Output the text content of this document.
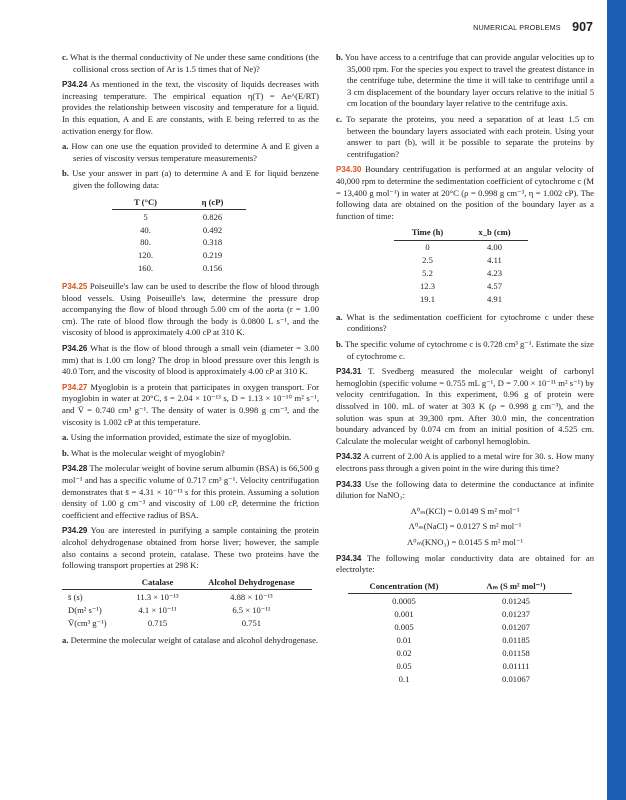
NUMERICAL PROBLEMS 907

c. What is the thermal conductivity of Ne under these same conditions (the collisional cross section of Ar is 1.5 times that of Ne)?

P34.24 As mentioned in the text, the viscosity of liquids decreases with increasing temperature. The empirical equation η(T) = Ae^(E/RT) provides the relationship between viscosity and temperature for a liquid. In this equation, A and E are constants, with E being referred to as the activation energy for flow.

a. How can one use the equation provided to determine A and E given a series of viscosity versus temperature measurements?

b. Use your answer in part (a) to determine A and E for liquid benzene given the following data:

T (°C)	η (cP)
5	0.826
40.	0.492
80.	0.318
120.	0.219
160.	0.156

P34.25 Poiseuille's law can be used to describe the flow of blood through blood vessels. Using Poiseuille's law, determine the pressure drop accompanying the flow of blood through 5.00 cm of the aorta (r = 1.00 cm). The rate of blood flow through the body is 0.0800 L s⁻¹, and the viscosity of blood is approximately 4.00 cP at 310 K.

P34.26 What is the flow of blood through a small vein (diameter = 3.00 mm) that is 1.00 cm long? The drop in blood pressure over this length is 40.0 Torr, and the viscosity of blood is approximately 4.00 cP at 310 K.

P34.27 Myoglobin is a protein that participates in oxygen transport. For myoglobin in water at 20°C, s̄ = 2.04 × 10⁻¹³ s, D = 1.13 × 10⁻¹⁰ m² s⁻¹, and V̄ = 0.740 cm³ g⁻¹. The density of water is 0.998 g cm⁻³, and the viscosity is 1.002 cP at this temperature.

a. Using the information provided, estimate the size of myoglobin.

b. What is the molecular weight of myoglobin?

P34.28 The molecular weight of bovine serum albumin (BSA) is 66,500 g mol⁻¹ and has a specific volume of 0.717 cm³ g⁻¹. Velocity centrifugation demonstrates that s̄ = 4.31 × 10⁻¹³ s for this protein. Assuming a solution density of 1.00 g cm⁻³ and viscosity of 1.00 cP, determine the friction coefficient and effective radius of BSA.

P34.29 You are interested in purifying a sample containing the protein alcohol dehydrogenase obtained from horse liver; however, the sample also contains a second protein, catalase. These two proteins have the following transport properties at 298 K:

	Catalase	Alcohol Dehydrogenase
s̄ (s)	11.3 × 10⁻¹³	4.88 × 10⁻¹³
D(m² s⁻¹)	4.1 × 10⁻¹¹	6.5 × 10⁻¹¹
V̄(cm³ g⁻¹)	0.715	0.751

a. Determine the molecular weight of catalase and alcohol dehydrogenase.

b. You have access to a centrifuge that can provide angular velocities up to 35,000 rpm. For the species you expect to travel the greatest distance in the centrifuge tube, determine the time it will take to centrifuge until a 3 cm displacement of the boundary layer occurs relative to the initial 5 cm location of the boundary layer relative to the centrifuge axis.

c. To separate the proteins, you need a separation of at least 1.5 cm between the boundary layers associated with each protein. Using your answer to part (b), will it be possible to separate the proteins by centrifugation?

P34.30 Boundary centrifugation is performed at an angular velocity of 40,000 rpm to determine the sedimentation coefficient of cytochrome c (M = 13,400 g mol⁻¹) in water at 20°C (ρ = 0.998 g cm⁻³, η = 1.002 cP). The following data are obtained on the position of the boundary layer as a function of time:

Time (h)	x_b (cm)
0	4.00
2.5	4.11
5.2	4.23
12.3	4.57
19.1	4.91

a. What is the sedimentation coefficient for cytochrome c under these conditions?

b. The specific volume of cytochrome c is 0.728 cm³ g⁻¹. Estimate the size of cytochrome c.

P34.31 T. Svedberg measured the molecular weight of carbonyl hemoglobin (specific volume = 0.755 mL g⁻¹, D = 7.00 × 10⁻¹¹ m² s⁻¹) by velocity centrifugation. In this experiment, 0.96 g of protein were dissolved in 100. mL of water at 303 K (ρ = 0.998 g cm⁻³), and the solution was spun at 39,300 rpm. After 30.0 min, the concentration boundary advanced by 0.074 cm from an initial position of 4.525 cm. Calculate the molecular weight of carbonyl hemoglobin.

P34.32 A current of 2.00 A is applied to a metal wire for 30. s. How many electrons pass through a given point in the wire during this time?

P34.33 Use the following data to determine the conductance at infinite dilution for NaNO₃:

Λ⁰ₘ(KCl) = 0.0149 S m² mol⁻¹
Λ⁰ₘ(NaCl) = 0.0127 S m² mol⁻¹
Λ⁰ₘ(KNO₃) = 0.0145 S m² mol⁻¹

P34.34 The following molar conductivity data are obtained for an electrolyte:

Concentration (M)	Λₘ (S m² mol⁻¹)
0.0005	0.01245
0.001	0.01237
0.005	0.01207
0.01	0.01185
0.02	0.01158
0.05	0.01111
0.1	0.01067
